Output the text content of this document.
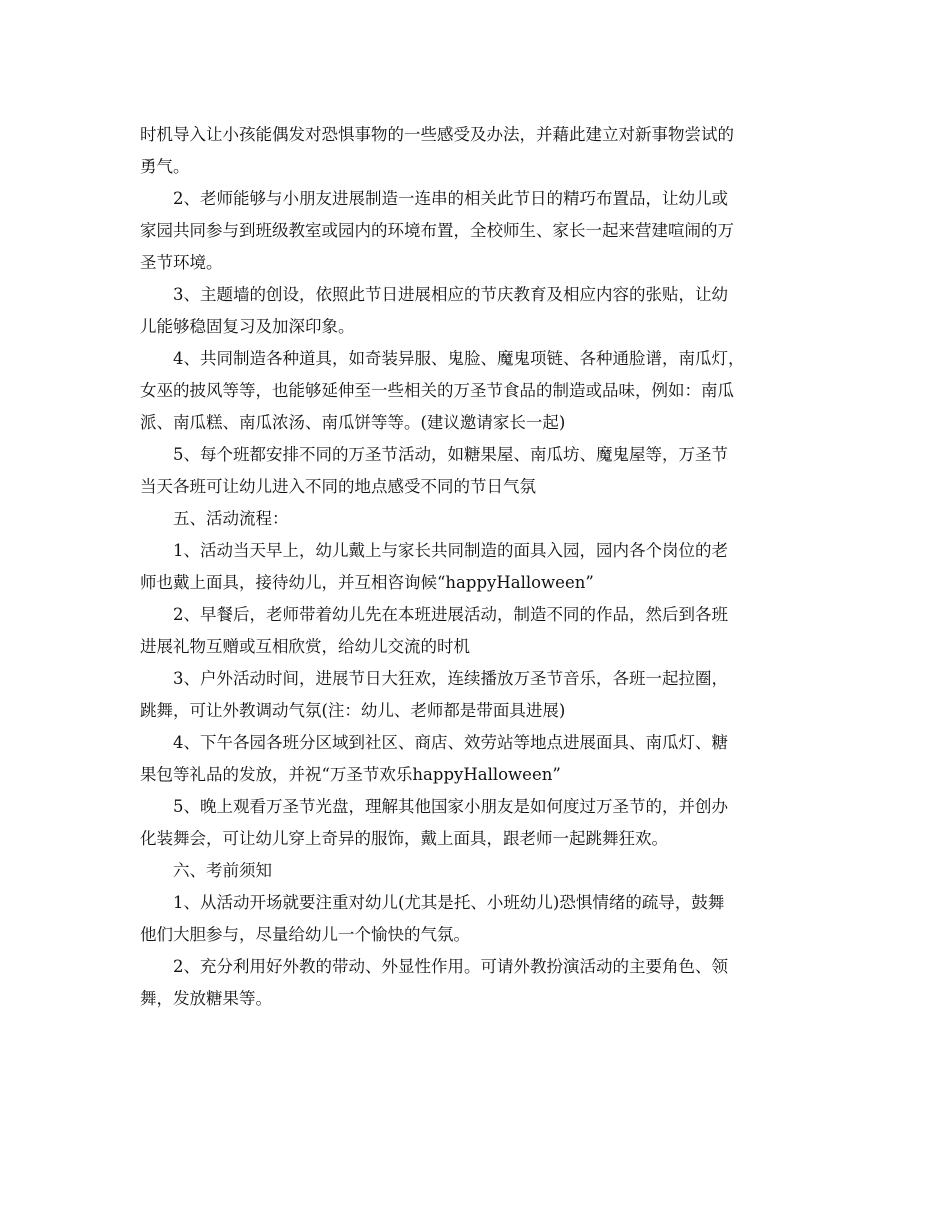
时机导入让小孩能偶发对恐惧事物的一些感受及办法，并藉此建立对新事物尝试的
勇气。
2、老师能够与小朋友进展制造一连串的相关此节日的精巧布置品，让幼儿或
家园共同参与到班级教室或园内的环境布置，全校师生、家长一起来营建喧闹的万
圣节环境。
3、主题墙的创设，依照此节日进展相应的节庆教育及相应内容的张贴，让幼
儿能够稳固复习及加深印象。
4、共同制造各种道具，如奇装异服、鬼脸、魔鬼项链、各种通脸谱，南瓜灯，
女巫的披风等等，也能够延伸至一些相关的万圣节食品的制造或品味，例如：南瓜
派、南瓜糕、南瓜浓汤、南瓜饼等等。(建议邀请家长一起)
5、每个班都安排不同的万圣节活动，如糖果屋、南瓜坊、魔鬼屋等，万圣节
当天各班可让幼儿进入不同的地点感受不同的节日气氛
五、活动流程：
1、活动当天早上，幼儿戴上与家长共同制造的面具入园，园内各个岗位的老
师也戴上面具，接待幼儿，并互相咨询候“happyHalloween”
2、早餐后，老师带着幼儿先在本班进展活动，制造不同的作品，然后到各班
进展礼物互赠或互相欣赏，给幼儿交流的时机
3、户外活动时间，进展节日大狂欢，连续播放万圣节音乐，各班一起拉圈，
跳舞，可让外教调动气氛(注：幼儿、老师都是带面具进展)
4、下午各园各班分区域到社区、商店、效劳站等地点进展面具、南瓜灯、糖
果包等礼品的发放，并祝“万圣节欢乐happyHalloween”
5、晚上观看万圣节光盘，理解其他国家小朋友是如何度过万圣节的，并创办
化装舞会，可让幼儿穿上奇异的服饰，戴上面具，跟老师一起跳舞狂欢。
六、考前须知
1、从活动开场就要注重对幼儿(尤其是托、小班幼儿)恐惧情绪的疏导，鼓舞
他们大胆参与，尽量给幼儿一个愉快的气氛。
2、充分利用好外教的带动、外显性作用。可请外教扮演活动的主要角色、领
舞，发放糖果等。
